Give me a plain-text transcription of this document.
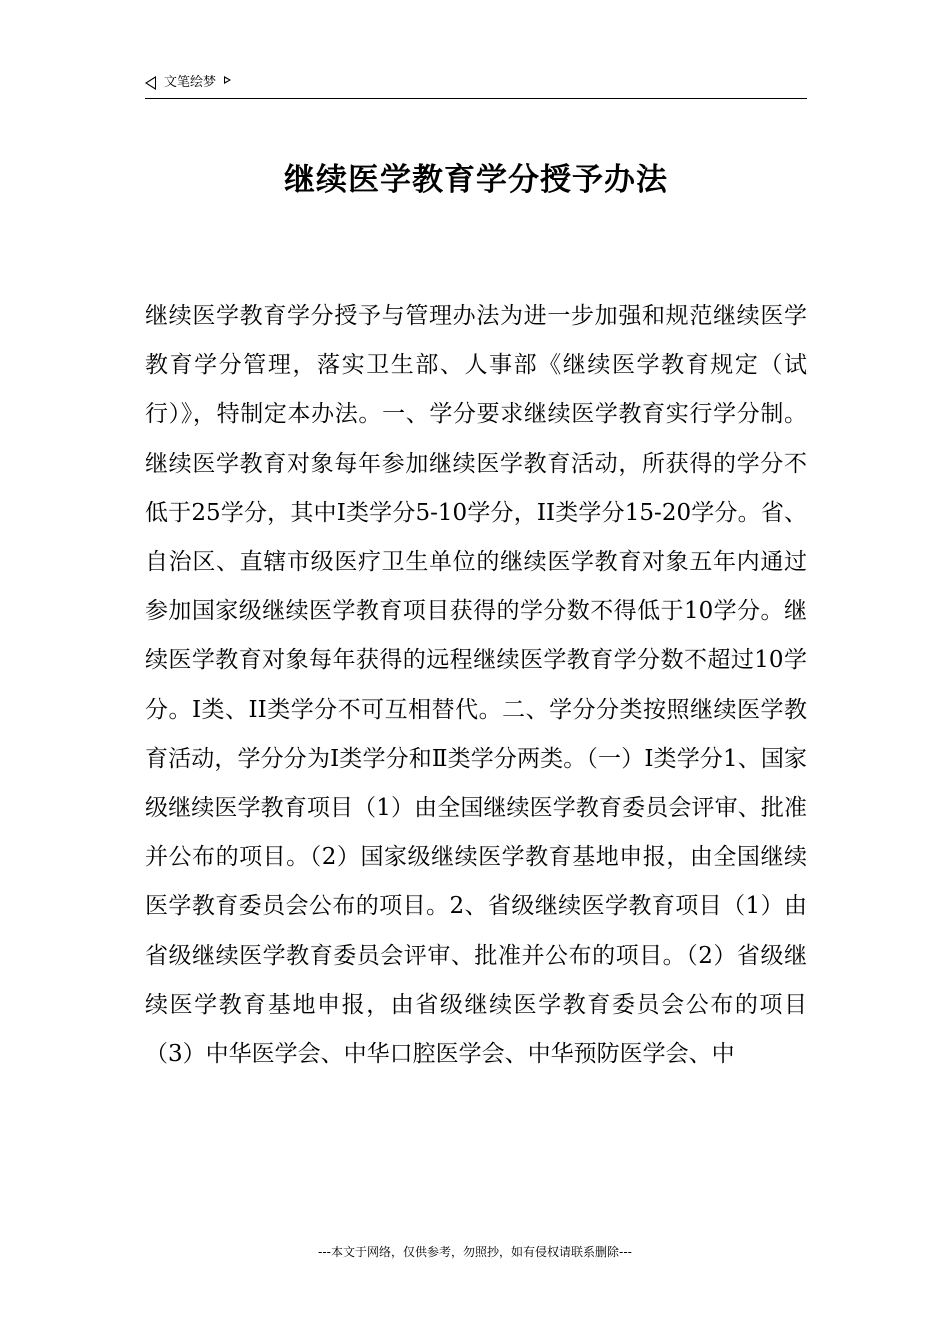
文笔绘梦
继续医学教育学分授予办法
继续医学教育学分授予与管理办法为进一步加强和规范继续医学教育学分管理，落实卫生部、人事部《继续医学教育规定（试行）》，特制定本办法。一、学分要求继续医学教育实行学分制。继续医学教育对象每年参加继续医学教育活动，所获得的学分不低于25学分，其中I类学分5-10学分，II类学分15-20学分。省、自治区、直辖市级医疗卫生单位的继续医学教育对象五年内通过参加国家级继续医学教育项目获得的学分数不得低于10学分。继续医学教育对象每年获得的远程继续医学教育学分数不超过10学分。I类、II类学分不可互相替代。二、学分分类按照继续医学教育活动，学分分为Ⅰ类学分和Ⅱ类学分两类。（一）Ⅰ类学分1、国家级继续医学教育项目（1）由全国继续医学教育委员会评审、批准并公布的项目。（2）国家级继续医学教育基地申报，由全国继续医学教育委员会公布的项目。2、省级继续医学教育项目（1）由省级继续医学教育委员会评审、批准并公布的项目。（2）省级继续医学教育基地申报，由省级继续医学教育委员会公布的项目（3）中华医学会、中华口腔医学会、中华预防医学会、中
---本文于网络，仅供参考，勿照抄，如有侵权请联系删除---
